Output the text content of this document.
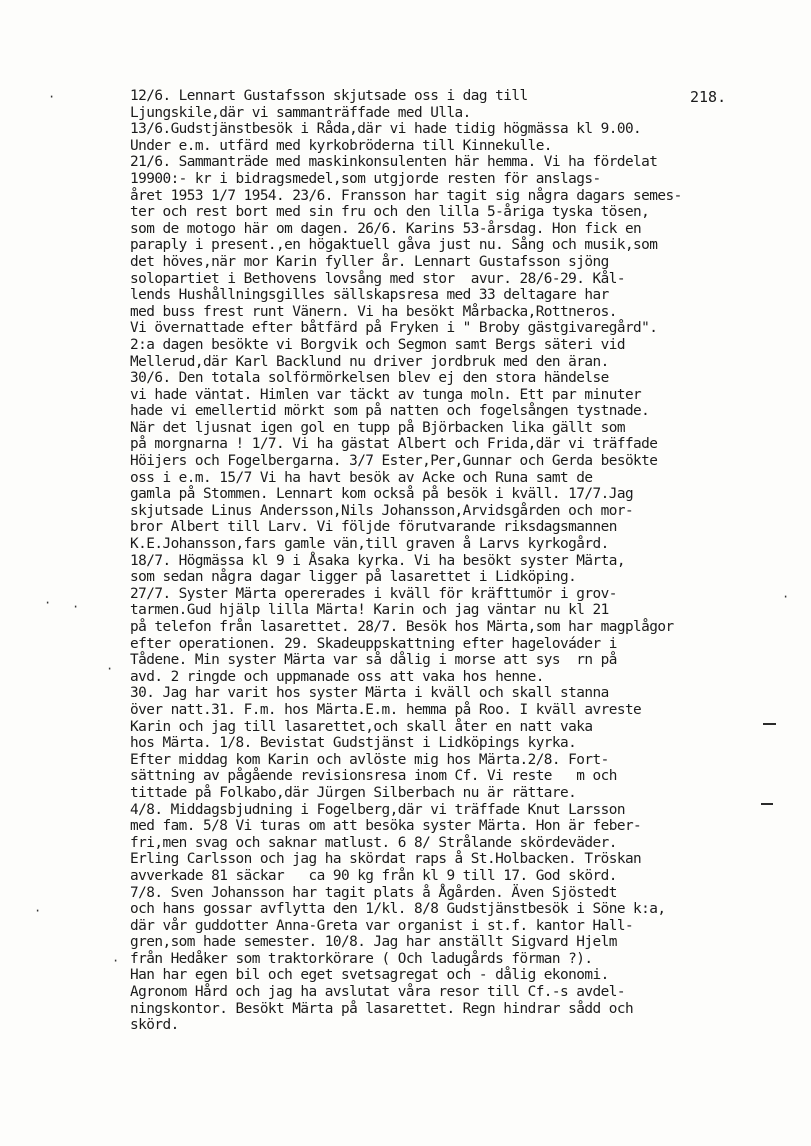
218.
12/6. Lennart Gustafsson skjutsade oss i dag till
Ljungskile,där vi sammanträffade med Ulla.
13/6.Gudstjänstbesök i Råda,där vi hade tidig högmässa kl 9.00.
Under e.m. utfärd med kyrkobröderna till Kinnekulle.
21/6. Sammanträde med maskinkonsulenten här hemma. Vi ha fördelat
19900:- kr i bidragsmedel,som utgjorde resten för anslags-
året 1953 1/7 1954. 23/6. Fransson har tagit sig några dagars semes-
ter och rest bort med sin fru och den lilla 5-åriga tyska tösen,
som de motogo här om dagen. 26/6. Karins 53-årsdag. Hon fick en
paraply i present.,en högaktuell gåva just nu. Sång och musik,som
det höves,när mor Karin fyller år. Lennart Gustafsson sjöng
solopartiet i Bethovens lovsång med stor  avur. 28/6-29. Kål-
lends Hushållningsgilles sällskapsresa med 33 deltagare har
med buss frest runt Vänern. Vi ha besökt Mårbacka,Rottneros.
Vi övernattade efter båtfärd på Fryken i " Broby gästgivaregård".
2:a dagen besökte vi Borgvik och Segmon samt Bergs säteri vid
Mellerud,där Karl Backlund nu driver jordbruk med den äran.
30/6. Den totala solförmörkelsen blev ej den stora händelse
vi hade väntat. Himlen var täckt av tunga moln. Ett par minuter
hade vi emellertid mörkt som på natten och fogelsången tystnade.
När det ljusnat igen gol en tupp på Björbacken lika gällt som
på morgnarna ! 1/7. Vi ha gästat Albert och Frida,där vi träffade
Höijers och Fogelbergarna. 3/7 Ester,Per,Gunnar och Gerda besökte
oss i e.m. 15/7 Vi ha havt besök av Acke och Runa samt de
gamla på Stommen. Lennart kom också på besök i kväll. 17/7.Jag
skjutsade Linus Andersson,Nils Johansson,Arvidsgården och mor-
bror Albert till Larv. Vi följde förutvarande riksdagsmannen
K.E.Johansson,fars gamle vän,till graven å Larvs kyrkogård.
18/7. Högmässa kl 9 i Åsaka kyrka. Vi ha besökt syster Märta,
som sedan några dagar ligger på lasarettet i Lidköping.
27/7. Syster Märta opererades i kväll för kräfttumör i grov-
tarmen.Gud hjälp lilla Märta! Karin och jag väntar nu kl 21
på telefon från lasarettet. 28/7. Besök hos Märta,som har magplågor
efter operationen. 29. Skadeuppskattning efter hagelováder i
Tådene. Min syster Märta var så dålig i morse att sys  rn på
avd. 2 ringde och uppmanade oss att vaka hos henne.
30. Jag har varit hos syster Märta i kväll och skall stanna
över natt.31. F.m. hos Märta.E.m. hemma på Roo. I kväll avreste
Karin och jag till lasarettet,och skall åter en natt vaka
hos Märta. 1/8. Bevistat Gudstjänst i Lidköpings kyrka.
Efter middag kom Karin och avlöste mig hos Märta.2/8. Fort-
sättning av pågående revisionsresa inom Cf. Vi reste   m och
tittade på Folkabo,där Jürgen Silberbach nu är rättare.
4/8. Middagsbjudning i Fogelberg,där vi träffade Knut Larsson
med fam. 5/8 Vi turas om att besöka syster Märta. Hon är feber-
fri,men svag och saknar matlust. 6 8/ Strålande skördeväder.
Erling Carlsson och jag ha skördat raps å St.Holbacken. Tröskan
avverkade 81 säckar   ca 90 kg från kl 9 till 17. God skörd.
7/8. Sven Johansson har tagit plats å Ågården. Även Sjöstedt
och hans gossar avflytta den 1/kl. 8/8 Gudstjänstbesök i Söne k:a,
där vår guddotter Anna-Greta var organist i st.f. kantor Hall-
gren,som hade semester. 10/8. Jag har anställt Sigvard Hjelm
från Hedåker som traktorkörare ( Och ladugårds förman ?).
Han har egen bil och eget svetsagregat och - dålig ekonomi.
Agronom Hård och jag ha avslutat våra resor till Cf.-s avdel-
ningskontor. Besökt Märta på lasarettet. Regn hindrar sådd och
skörd.
·
· ·
·
·
·
·
